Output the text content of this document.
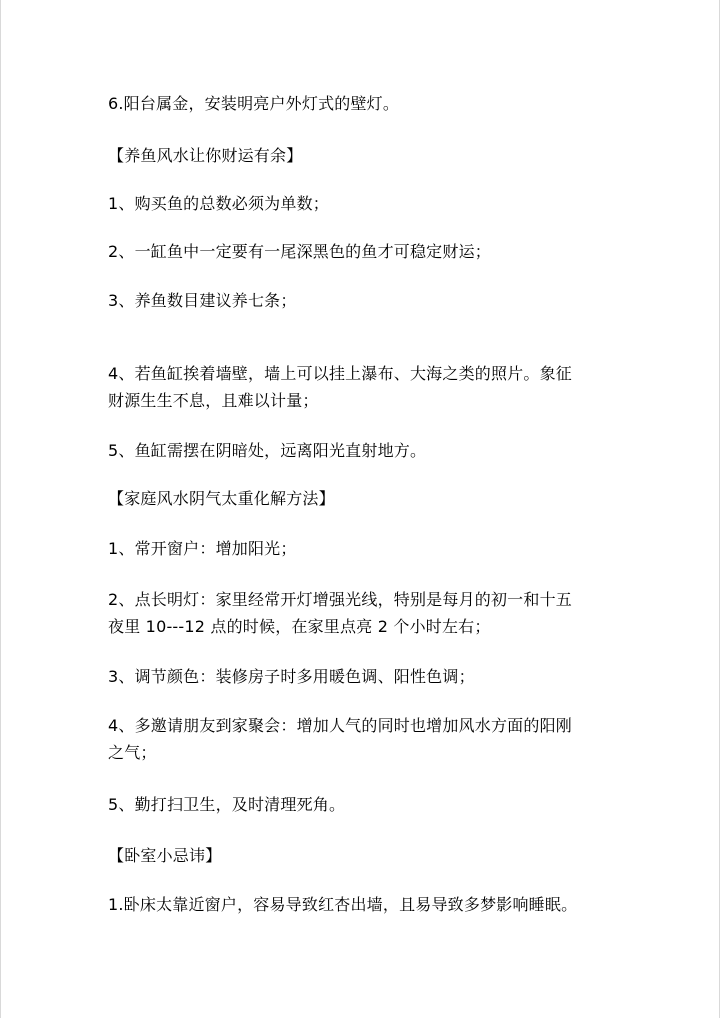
6.阳台属金，安装明亮户外灯式的壁灯。
【养鱼风水让你财运有余】
1、购买鱼的总数必须为单数；
2、一缸鱼中一定要有一尾深黑色的鱼才可稳定财运；
3、养鱼数目建议养七条；
4、若鱼缸挨着墙壁，墙上可以挂上瀑布、大海之类的照片。象征
财源生生不息，且难以计量；
5、鱼缸需摆在阴暗处，远离阳光直射地方。
【家庭风水阴气太重化解方法】
1、常开窗户：增加阳光；
2、点长明灯：家里经常开灯增强光线，特别是每月的初一和十五
夜里 10---12 点的时候，在家里点亮 2 个小时左右；
3、调节颜色：装修房子时多用暖色调、阳性色调；
4、多邀请朋友到家聚会：增加人气的同时也增加风水方面的阳刚
之气；
5、勤打扫卫生，及时清理死角。
【卧室小忌讳】
1.卧床太靠近窗户，容易导致红杏出墙，且易导致多梦影响睡眠。
